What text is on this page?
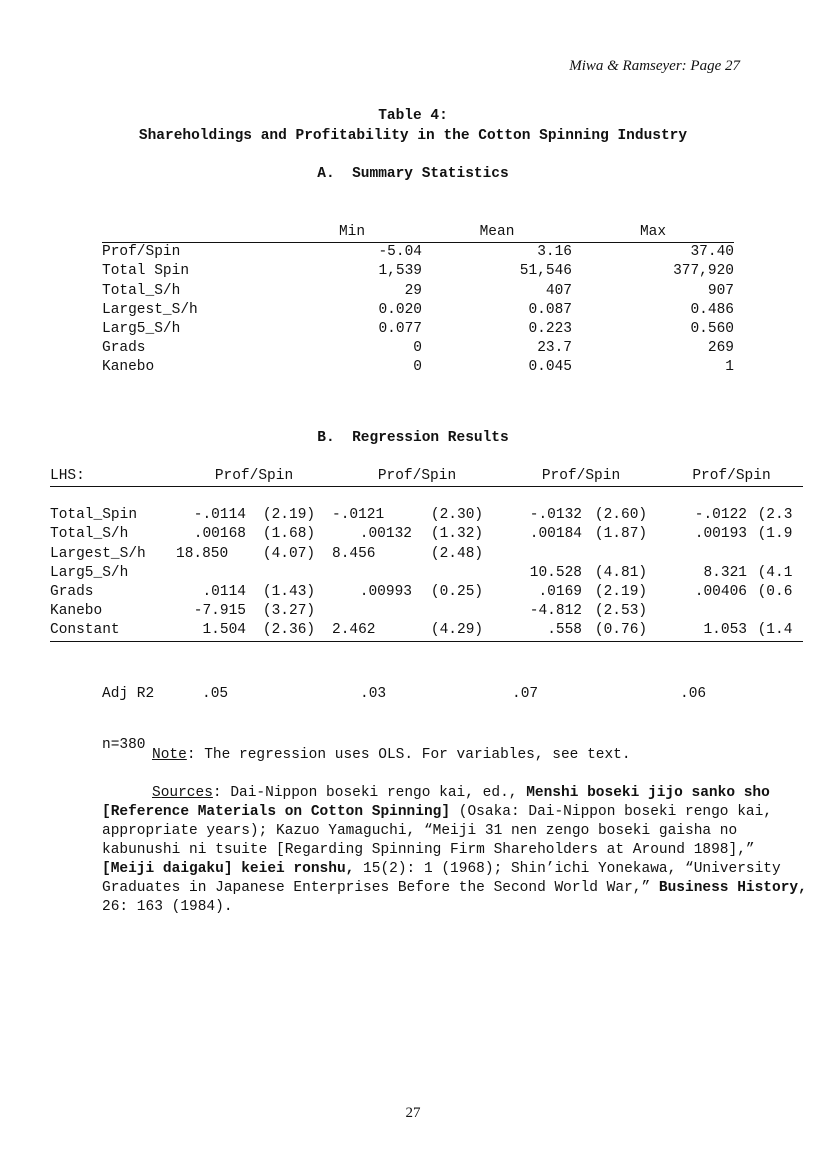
Miwa & Ramseyer: Page 27
Table 4:
Shareholdings and Profitability in the Cotton Spinning Industry
A.  Summary Statistics
	Min	Mean	Max
Prof/Spin	-5.04	3.16	37.40
Total Spin	1,539	51,546	377,920
Total_S/h	29	407	907
Largest_S/h	0.020	0.087	0.486
Larg5_S/h	0.077	0.223	0.560
Grads	0	23.7	269
Kanebo	0	0.045	1
B.  Regression Results
LHS:	Prof/Spin		Prof/Spin		Prof/Spin		Prof/Spin	

Total_Spin	-.0114	(2.19)	-.0121	(2.30)	-.0132	(2.60)	-.0122	(2.3
Total_S/h	.00168	(1.68)	.00132	(1.32)	.00184	(1.87)	.00193	(1.9
Largest_S/h	18.850	(4.07)	8.456	(2.48)				
Larg5_S/h					10.528	(4.81)	8.321	(4.1
Grads	.0114	(1.43)	.00993	(0.25)	.0169	(2.19)	.00406	(0.6
Kanebo	-7.915	(3.27)			-4.812	(2.53)		
Constant	1.504	(2.36)	2.462	(4.29)	.558	(0.76)	1.053	(1.4

Adj R2	.05	.03	.07	.06

n=380

Note: The regression uses OLS. For variables, see text.
Sources: Dai-Nippon boseki rengo kai, ed., Menshi boseki jijo sanko sho [Reference Materials on Cotton Spinning] (Osaka: Dai-Nippon boseki rengo kai, appropriate years); Kazuo Yamaguchi, “Meiji 31 nen zengo boseki gaisha no kabunushi ni tsuite [Regarding Spinning Firm Shareholders at Around 1898],” [Meiji daigaku] keiei ronshu, 15(2): 1 (1968); Shin’ichi Yonekawa, “University Graduates in Japanese Enterprises Before the Second World War,” Business History, 26: 163 (1984).
27
